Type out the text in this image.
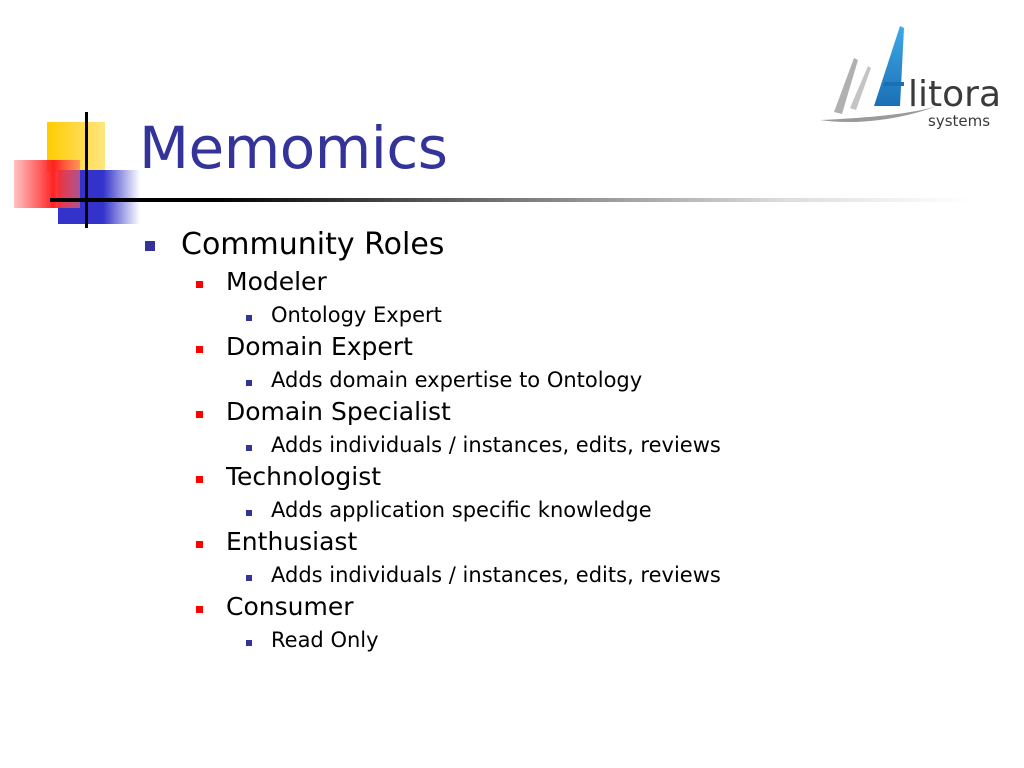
Memomics
litora
systems
Community Roles
Modeler
Ontology Expert
Domain Expert
Adds domain expertise to Ontology
Domain Specialist
Adds individuals / instances, edits, reviews
Technologist
Adds application specific knowledge
Enthusiast
Adds individuals / instances, edits, reviews
Consumer
Read Only
